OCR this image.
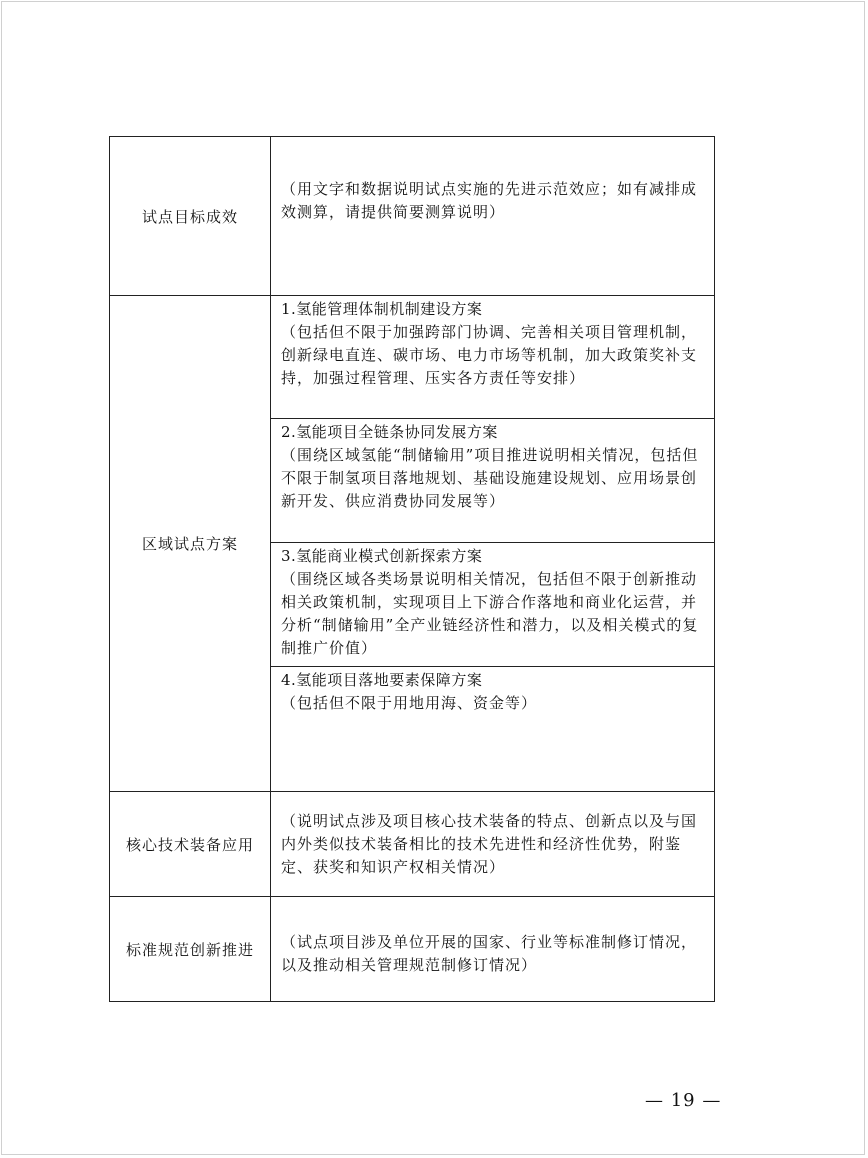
试点目标成效	（用文字和数据说明试点实施的先进示范效应；如有减排成效测算，请提供简要测算说明）

区域试点方案	1.氢能管理体制机制建设方案
（包括但不限于加强跨部门协调、完善相关项目管理机制，创新绿电直连、碳市场、电力市场等机制，加大政策奖补支持，加强过程管理、压实各方责任等安排）

	2.氢能项目全链条协同发展方案
（围绕区域氢能“制储输用”项目推进说明相关情况，包括但不限于制氢项目落地规划、基础设施建设规划、应用场景创新开发、供应消费协同发展等）

	3.氢能商业模式创新探索方案
（围绕区域各类场景说明相关情况，包括但不限于创新推动相关政策机制，实现项目上下游合作落地和商业化运营，并分析“制储输用”全产业链经济性和潜力，以及相关模式的复制推广价值）

	4.氢能项目落地要素保障方案
（包括但不限于用地用海、资金等）

核心技术装备应用	（说明试点涉及项目核心技术装备的特点、创新点以及与国内外类似技术装备相比的技术先进性和经济性优势，附鉴定、获奖和知识产权相关情况）

标准规范创新推进	（试点项目涉及单位开展的国家、行业等标准制修订情况，以及推动相关管理规范制修订情况）
— 19 —
